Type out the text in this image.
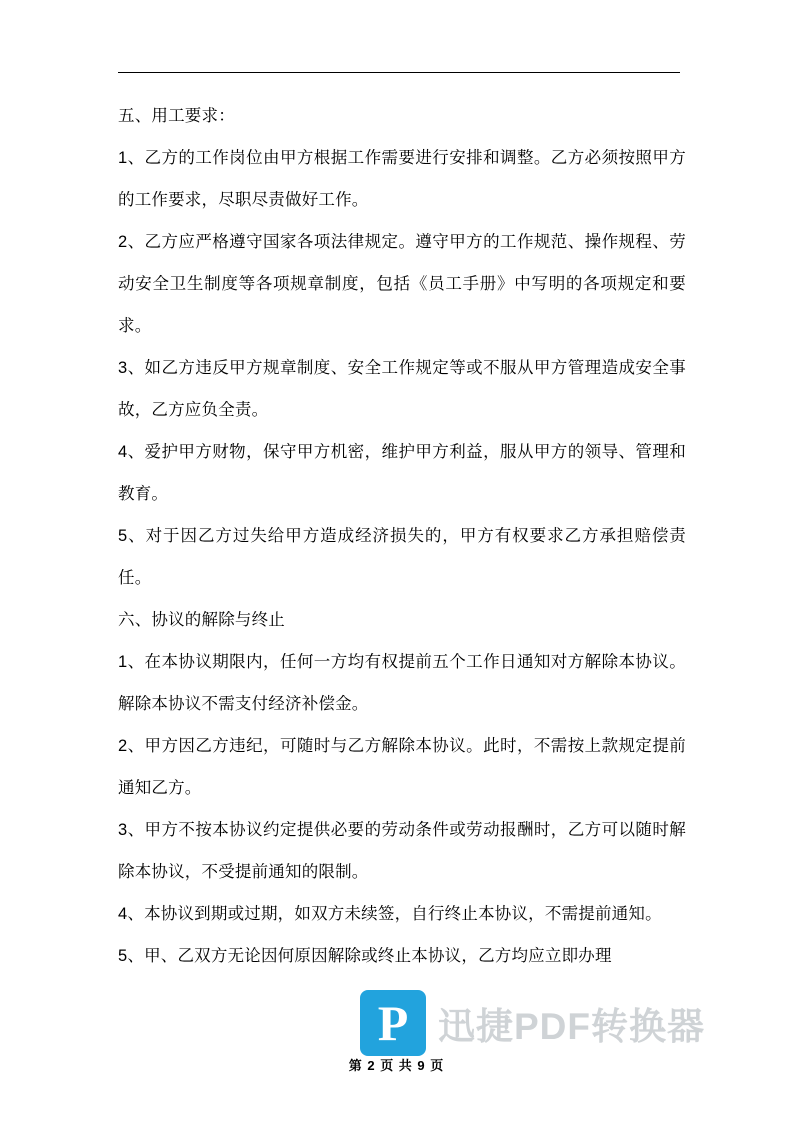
五、用工要求：

1、乙方的工作岗位由甲方根据工作需要进行安排和调整。乙方必须按照甲方的工作要求，尽职尽责做好工作。

2、乙方应严格遵守国家各项法律规定。遵守甲方的工作规范、操作规程、劳动安全卫生制度等各项规章制度，包括《员工手册》中写明的各项规定和要求。

3、如乙方违反甲方规章制度、安全工作规定等或不服从甲方管理造成安全事故，乙方应负全责。

4、爱护甲方财物，保守甲方机密，维护甲方利益，服从甲方的领导、管理和教育。

5、对于因乙方过失给甲方造成经济损失的，甲方有权要求乙方承担赔偿责任。

六、协议的解除与终止

1、在本协议期限内，任何一方均有权提前五个工作日通知对方解除本协议。解除本协议不需支付经济补偿金。

2、甲方因乙方违纪，可随时与乙方解除本协议。此时，不需按上款规定提前通知乙方。

3、甲方不按本协议约定提供必要的劳动条件或劳动报酬时，乙方可以随时解除本协议，不受提前通知的限制。

4、本协议到期或过期，如双方未续签，自行终止本协议，不需提前通知。

5、甲、乙双方无论因何原因解除或终止本协议，乙方均应立即办理

P 迅捷PDF转换器
第 2 页 共 9 页
